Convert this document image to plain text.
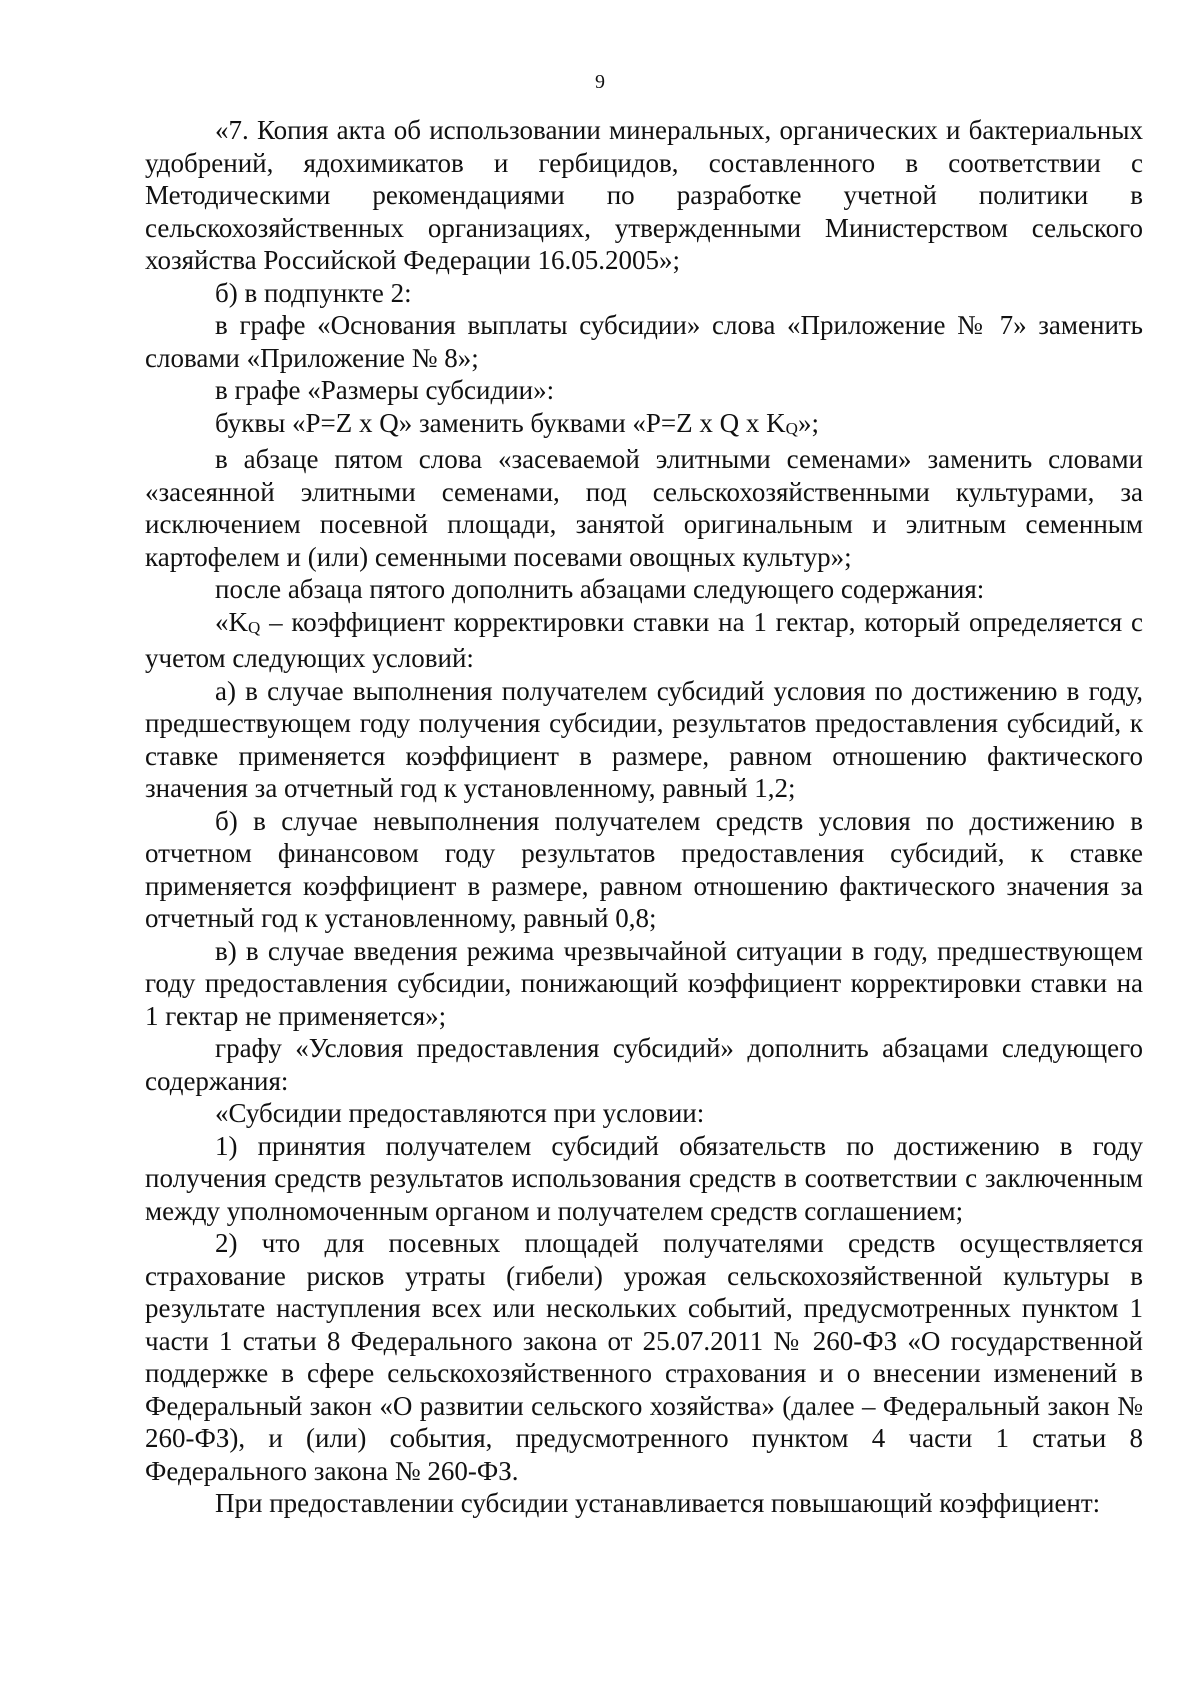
9

«7. Копия акта об использовании минеральных, органических и бактериальных удобрений, ядохимикатов и гербицидов, составленного в соответствии с Методическими рекомендациями по разработке учетной политики в сельскохозяйственных организациях, утвержденными Министерством сельского хозяйства Российской Федерации 16.05.2005»;

б) в подпункте 2:

в графе «Основания выплаты субсидии» слова «Приложение № 7» заменить словами «Приложение № 8»;

в графе «Размеры субсидии»:

буквы «P=Z x Q» заменить буквами «P=Z x Q x $K_Q$»;

в абзаце пятом слова «засеваемой элитными семенами» заменить словами «засеянной элитными семенами, под сельскохозяйственными культурами, за исключением посевной площади, занятой оригинальным и элитным семенным картофелем и (или) семенными посевами овощных культур»;

после абзаца пятого дополнить абзацами следующего содержания:

«$K_Q$ – коэффициент корректировки ставки на 1 гектар, который определяется с учетом следующих условий:

а) в случае выполнения получателем субсидий условия по достижению в году, предшествующем году получения субсидии, результатов предоставления субсидий, к ставке применяется коэффициент в размере, равном отношению фактического значения за отчетный год к установленному, равный 1,2;

б) в случае невыполнения получателем средств условия по достижению в отчетном финансовом году результатов предоставления субсидий, к ставке применяется коэффициент в размере, равном отношению фактического значения за отчетный год к установленному, равный 0,8;

в) в случае введения режима чрезвычайной ситуации в году, предшествующем году предоставления субсидии, понижающий коэффициент корректировки ставки на 1 гектар не применяется»;

графу «Условия предоставления субсидий» дополнить абзацами следующего содержания:

«Субсидии предоставляются при условии:

1) принятия получателем субсидий обязательств по достижению в году получения средств результатов использования средств в соответствии с заключенным между уполномоченным органом и получателем средств соглашением;

2) что для посевных площадей получателями средств осуществляется страхование рисков утраты (гибели) урожая сельскохозяйственной культуры в результате наступления всех или нескольких событий, предусмотренных пунктом 1 части 1 статьи 8 Федерального закона от 25.07.2011 № 260-ФЗ «О государственной поддержке в сфере сельскохозяйственного страхования и о внесении изменений в Федеральный закон «О развитии сельского хозяйства» (далее – Федеральный закон № 260-ФЗ), и (или) события, предусмотренного пунктом 4 части 1 статьи 8 Федерального закона № 260-ФЗ.

При предоставлении субсидии устанавливается повышающий коэффициент:
